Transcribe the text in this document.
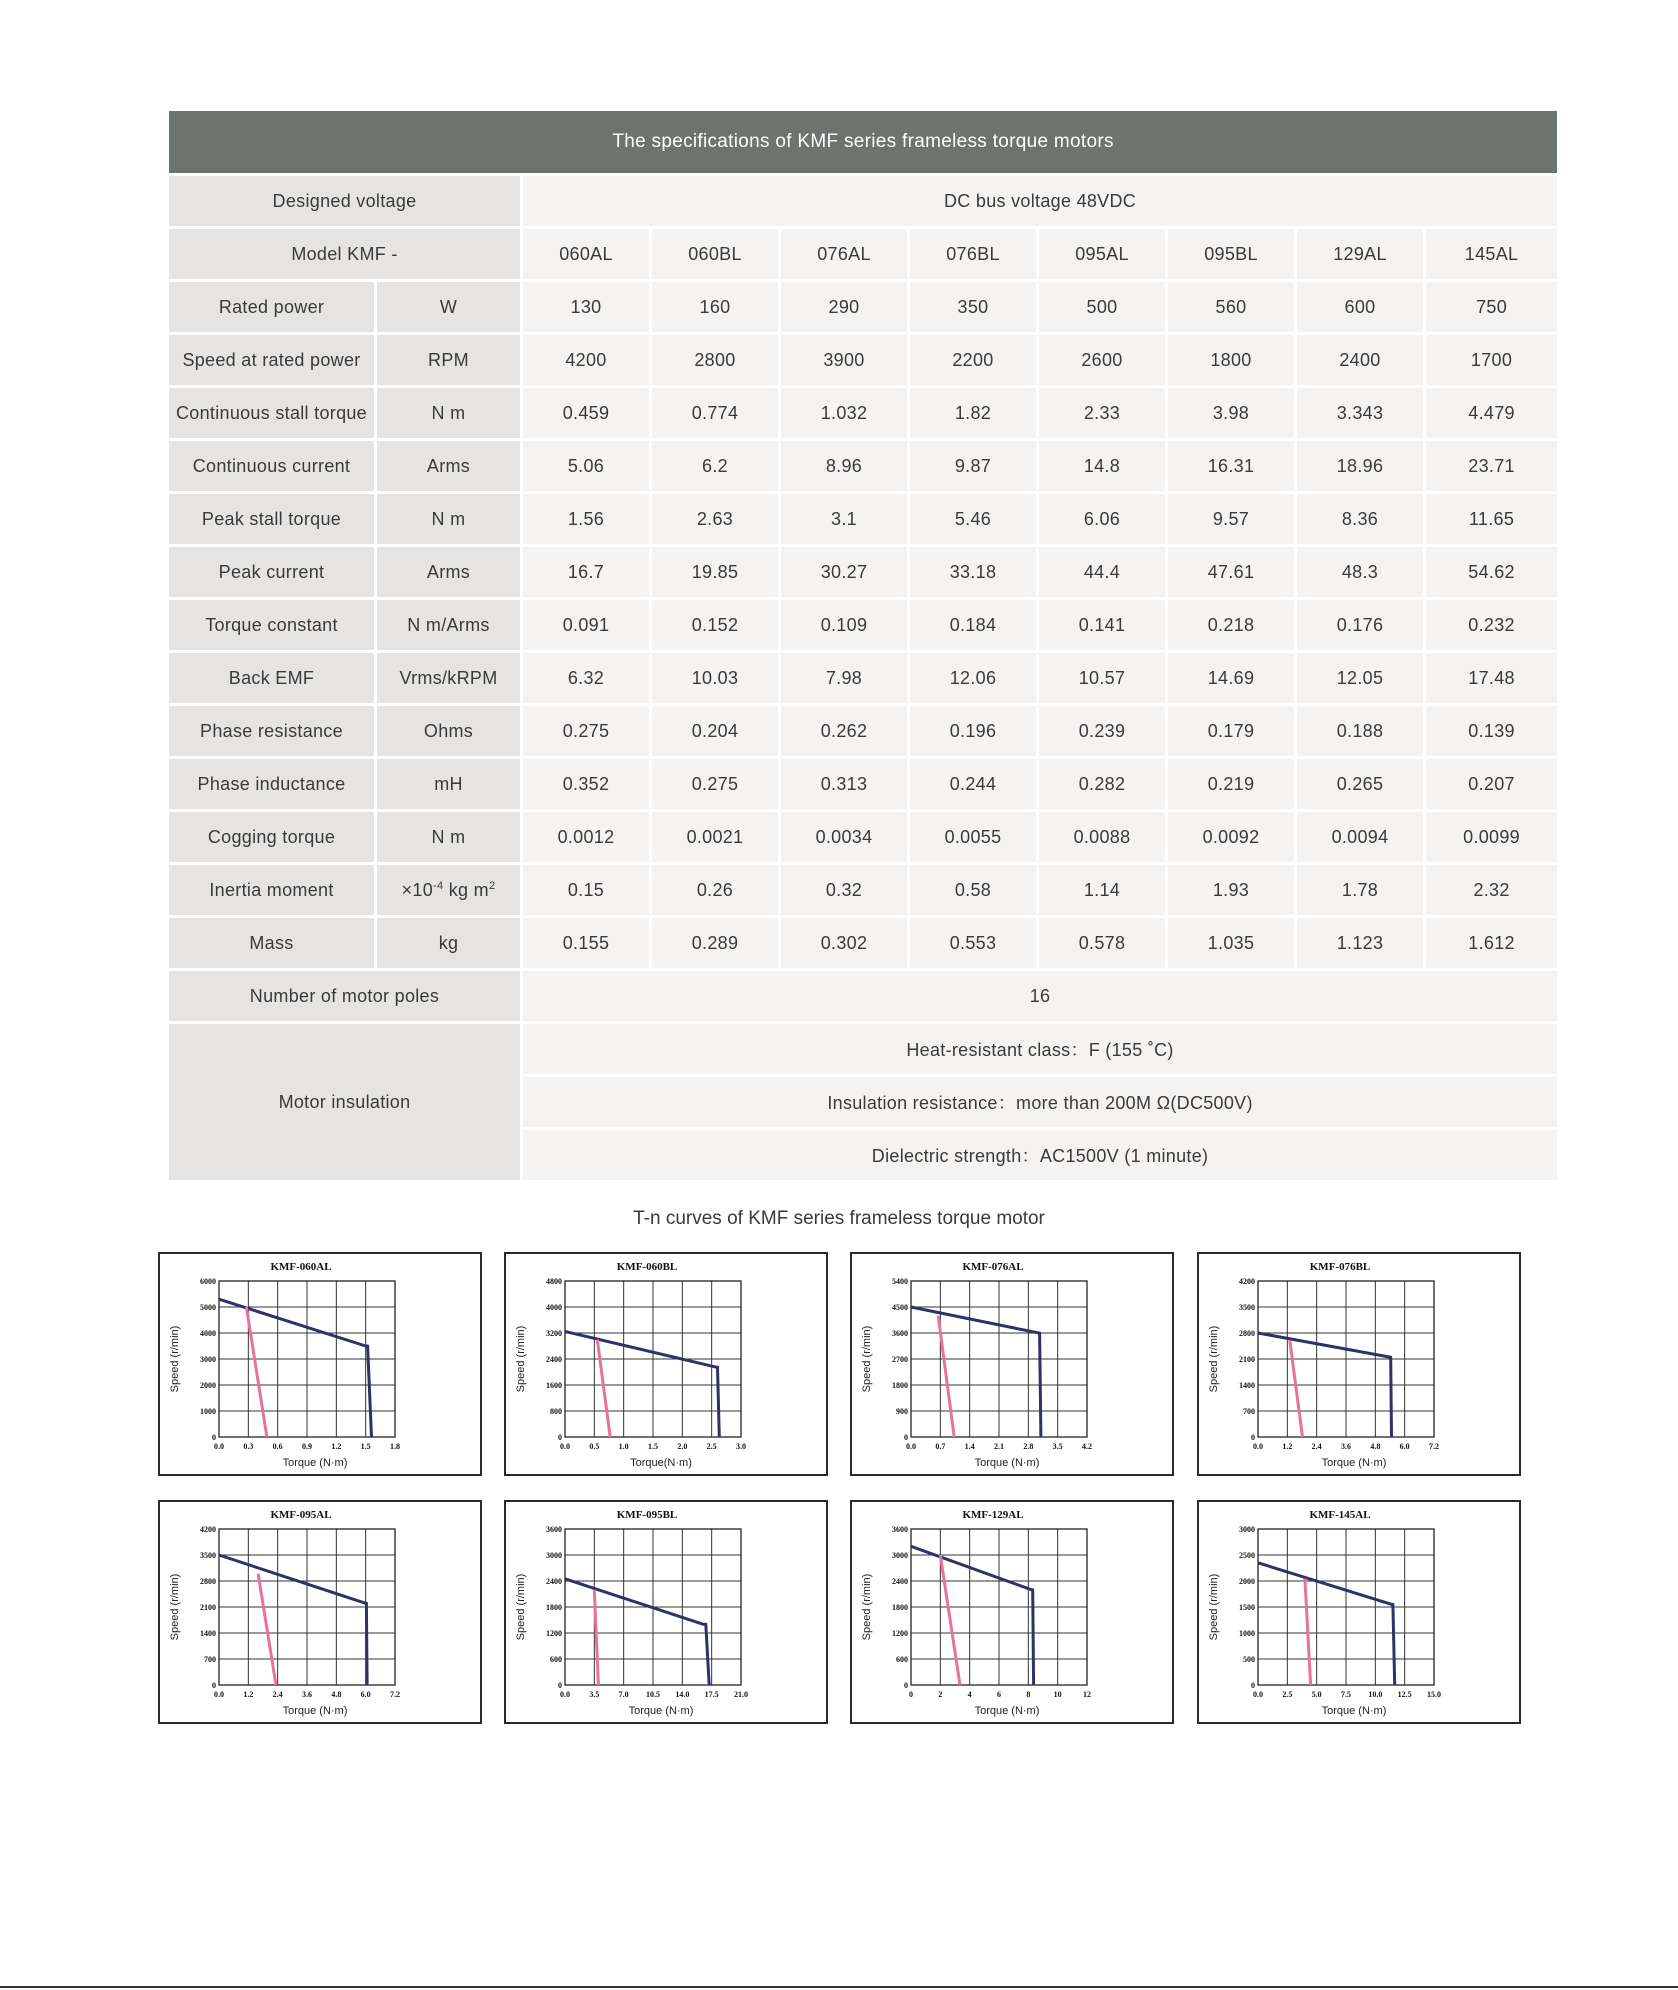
The specifications of KMF series frameless torque motors									
Designed voltage		DC bus voltage 48VDC							
Model KMF -		060AL	060BL	076AL	076BL	095AL	095BL	129AL	145AL
Rated power	W	130	160	290	350	500	560	600	750
Speed at rated power	RPM	4200	2800	3900	2200	2600	1800	2400	1700
Continuous stall torque	N m	0.459	0.774	1.032	1.82	2.33	3.98	3.343	4.479
Continuous current	Arms	5.06	6.2	8.96	9.87	14.8	16.31	18.96	23.71
Peak stall torque	N m	1.56	2.63	3.1	5.46	6.06	9.57	8.36	11.65
Peak current	Arms	16.7	19.85	30.27	33.18	44.4	47.61	48.3	54.62
Torque constant	N m/Arms	0.091	0.152	0.109	0.184	0.141	0.218	0.176	0.232
Back EMF	Vrms/kRPM	6.32	10.03	7.98	12.06	10.57	14.69	12.05	17.48
Phase resistance	Ohms	0.275	0.204	0.262	0.196	0.239	0.179	0.188	0.139
Phase inductance	mH	0.352	0.275	0.313	0.244	0.282	0.219	0.265	0.207
Cogging torque	N m	0.0012	0.0021	0.0034	0.0055	0.0088	0.0092	0.0094	0.0099
Inertia moment	$\times 10^{-4}$ kg $m^2$	0.15	0.26	0.32	0.58	1.14	1.93	1.78	2.32
Mass	kg	0.155	0.289	0.302	0.553	0.578	1.035	1.123	1.612
Number of motor poles		16							
Motor insulation		Heat-resistant class：F (155 ˚C)							
		Insulation resistance：more than 200M Ω(DC500V)							
		Dielectric strength：AC1500V (1 minute)							
T-n curves of KMF series frameless torque motor
KMF-060AL
0.0 0.3 0.6 0.9 1.2 1.5 1.8
0
1000
2000
3000
4000
5000
6000
Torque (N·m)
Speed (r/min)
KMF-060BL
0.0 0.5 1.0 1.5 2.0 2.5 3.0
0
800
1600
2400
3200
4000
4800
Torque(N·m)
Speed (r/min)
KMF-076AL
0.0 0.7 1.4 2.1 2.8 3.5 4.2
0
900
1800
2700
3600
4500
5400
Torque (N·m)
Speed (r/min)
KMF-076BL
0.0 1.2 2.4 3.6 4.8 6.0 7.2
0
700
1400
2100
2800
3500
4200
Torque (N·m)
Speed (r/min)
KMF-095AL
0.0 1.2 2.4 3.6 4.8 6.0 7.2
0
700
1400
2100
2800
3500
4200
Torque (N·m)
Speed (r/min)
KMF-095BL
0.0 3.5 7.0 10.5 14.0 17.5 21.0
0
600
1200
1800
2400
3000
3600
Torque (N·m)
Speed (r/min)
KMF-129AL
0	2	4	6	8	10	12
0
600
1200
1800
2400
3000
3600
Torque (N·m)
Speed (r/min)
KMF-145AL
0.0 2.5 5.0 7.5 10.0 12.5 15.0
0
500
1000
1500
2000
2500
3000
Torque (N·m)
Speed (r/min)
